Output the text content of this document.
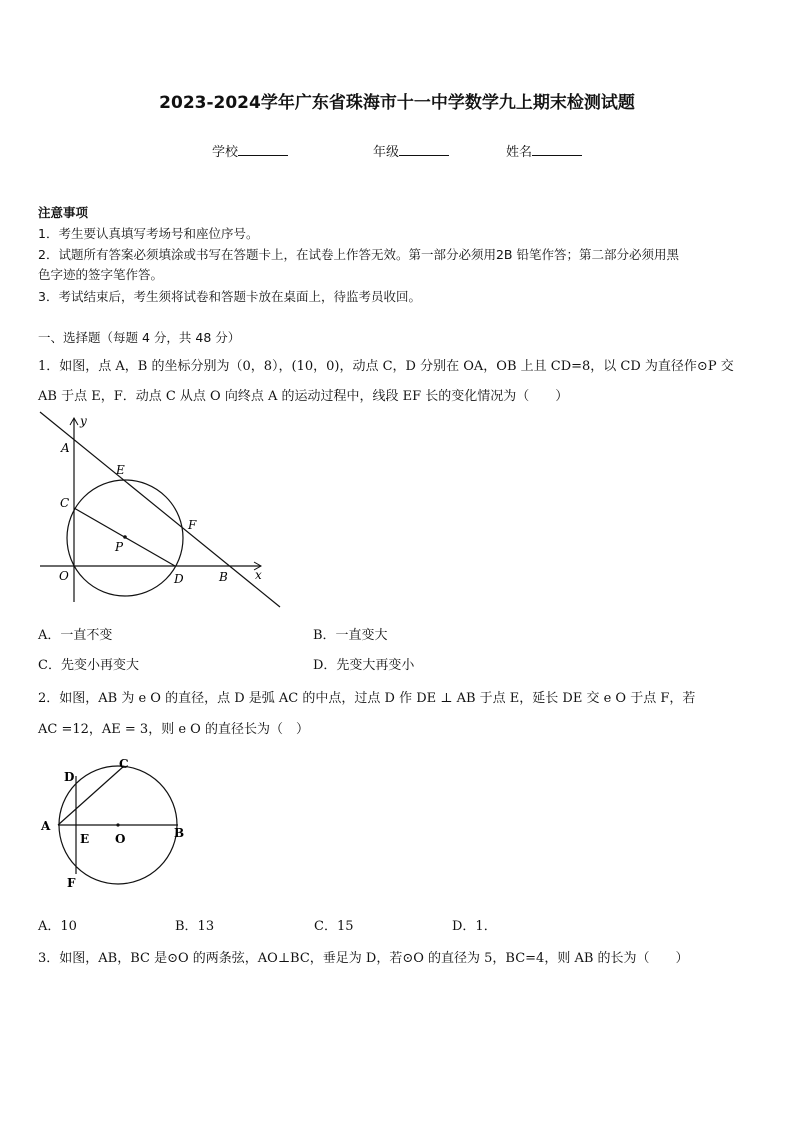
2023-2024学年广东省珠海市十一中学数学九上期末检测试题
学校	年级	姓名
注意事项
1．考生要认真填写考场号和座位序号。
2．试题所有答案必须填涂或书写在答题卡上，在试卷上作答无效。第一部分必须用2B 铅笔作答；第二部分必须用黑
色字迹的签字笔作答。
3．考试结束后，考生须将试卷和答题卡放在桌面上，待监考员收回。
一、选择题（每题 4 分，共 48 分）
1．如图，点 A，B 的坐标分别为（0，8），(10，0)，动点 C，D 分别在 OA，OB 上且 CD=8，以 CD 为直径作⊙P 交
AB 于点 E，F．动点 C 从点 O 向终点 A 的运动过程中，线段 EF 长的变化情况为（　　）
y
x
A
E
C
F
P
O	D	B
A．一直不变	B．一直变大
C．先变小再变大	D．先变大再变小
2．如图，AB 为 e O 的直径，点 D 是弧 AC 的中点，过点 D 作 DE ⊥ AB 于点 E，延长 DE 交 e O 于点 F，若
AC =12，AE = 3，则 e O 的直径长为（　）
D
C
A
E O	B
F
A．10	B．13	C．15	D．1．
3．如图，AB，BC 是⊙O 的两条弦，AO⊥BC，垂足为 D，若⊙O 的直径为 5，BC=4，则 AB 的长为（　　）
